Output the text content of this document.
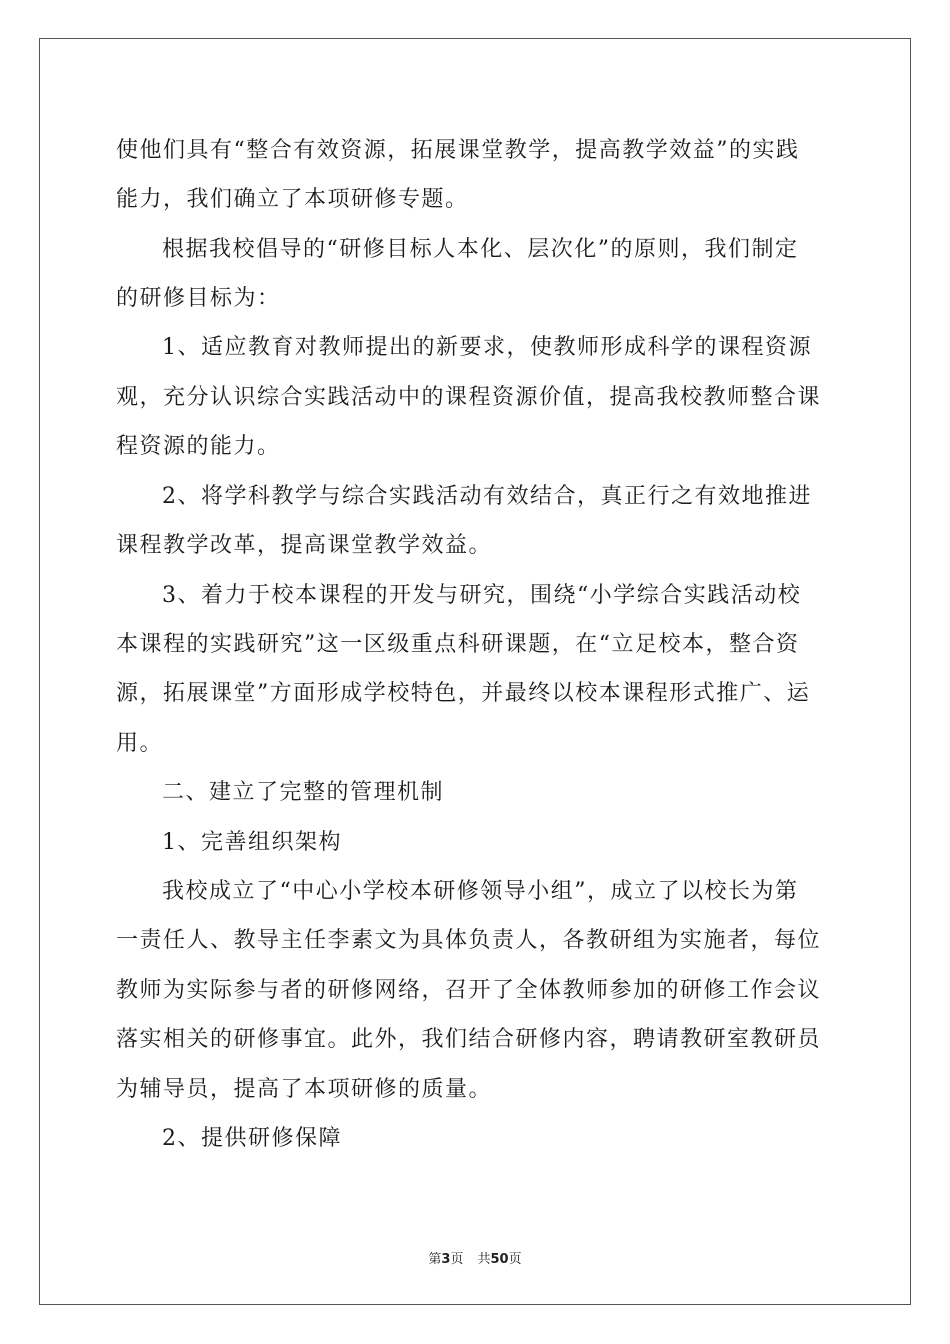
使他们具有“整合有效资源，拓展课堂教学，提高教学效益”的实践
能力，我们确立了本项研修专题。
根据我校倡导的“研修目标人本化、层次化”的原则，我们制定
的研修目标为：
1、适应教育对教师提出的新要求，使教师形成科学的课程资源
观，充分认识综合实践活动中的课程资源价值，提高我校教师整合课
程资源的能力。
2、将学科教学与综合实践活动有效结合，真正行之有效地推进
课程教学改革，提高课堂教学效益。
3、着力于校本课程的开发与研究，围绕“小学综合实践活动校
本课程的实践研究”这一区级重点科研课题，在“立足校本，整合资
源，拓展课堂”方面形成学校特色，并最终以校本课程形式推广、运
用。
二、建立了完整的管理机制
1、完善组织架构
我校成立了“中心小学校本研修领导小组”，成立了以校长为第
一责任人、教导主任李素文为具体负责人，各教研组为实施者，每位
教师为实际参与者的研修网络，召开了全体教师参加的研修工作会议
落实相关的研修事宜。此外，我们结合研修内容，聘请教研室教研员
为辅导员，提高了本项研修的质量。
2、提供研修保障
第3页 共50页
